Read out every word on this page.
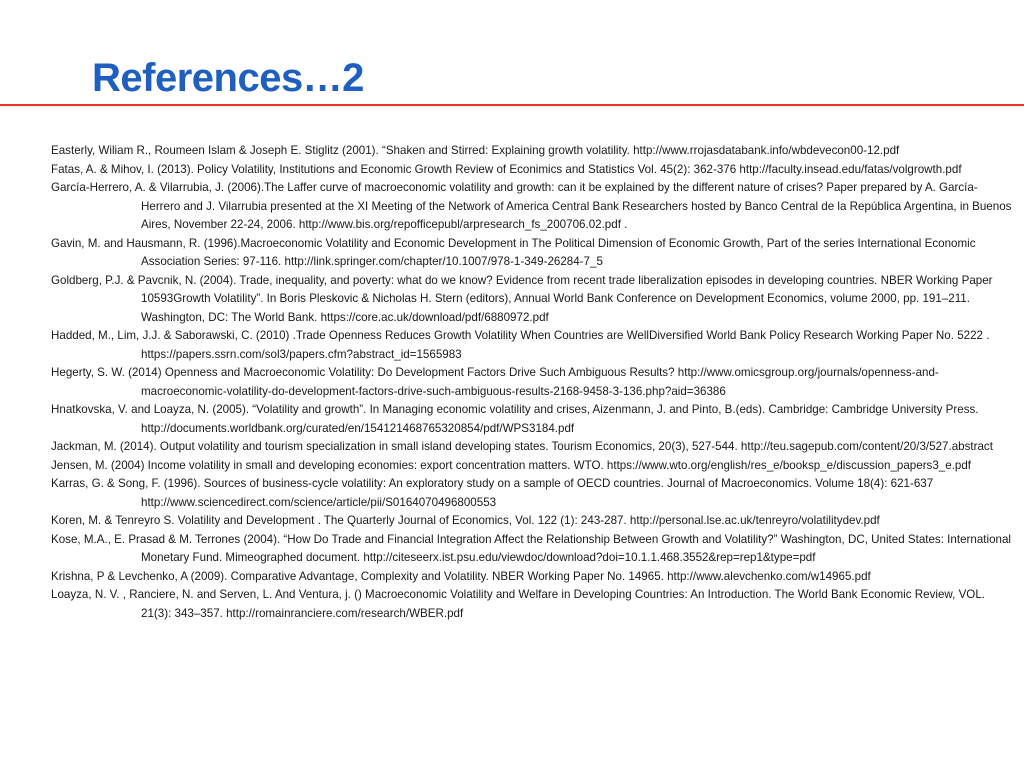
References…2
Easterly, Wiliam R., Roumeen Islam & Joseph E. Stiglitz (2001). “Shaken and Stirred: Explaining growth volatility. http://www.rrojasdatabank.info/wbdevecon00-12.pdf
Fatas, A. & Mihov, I. (2013). Policy Volatility, Institutions and Economic Growth Review of Econimics and Statistics Vol. 45(2): 362-376 http://faculty.insead.edu/fatas/volgrowth.pdf
García-Herrero, A. & Vilarrubia, J. (2006).The Laffer curve of macroeconomic volatility and growth: can it be explained by the different nature of crises? Paper prepared by A. García-Herrero and J. Vilarrubia presented at the XI Meeting of the Network of America Central Bank Researchers hosted by Banco Central de la República Argentina, in Buenos Aires, November 22-24, 2006. http://www.bis.org/repofficepubl/arpresearch_fs_200706.02.pdf .
Gavin, M. and Hausmann, R. (1996).Macroeconomic Volatility and Economic Development in The Political Dimension of Economic Growth, Part of the series International Economic Association Series: 97-116. http://link.springer.com/chapter/10.1007/978-1-349-26284-7_5
Goldberg, P.J. & Pavcnik, N. (2004). Trade, inequality, and poverty: what do we know? Evidence from recent trade liberalization episodes in developing countries. NBER Working Paper 10593Growth Volatility”. In Boris Pleskovic & Nicholas H. Stern (editors), Annual World Bank Conference on Development Economics, volume 2000, pp. 191–211. Washington, DC: The World Bank. https://core.ac.uk/download/pdf/6880972.pdf
Hadded, M., Lim, J.J. & Saborawski, C. (2010) .Trade Openness Reduces Growth Volatility When Countries are WellDiversified World Bank Policy Research Working Paper No. 5222 . https://papers.ssrn.com/sol3/papers.cfm?abstract_id=1565983
Hegerty, S. W. (2014) Openness and Macroeconomic Volatility: Do Development Factors Drive Such Ambiguous Results? http://www.omicsgroup.org/journals/openness-and-macroeconomic-volatility-do-development-factors-drive-such-ambiguous-results-2168-9458-3-136.php?aid=36386
Hnatkovska, V. and Loayza, N. (2005). “Volatility and growth”. In Managing economic volatility and crises, Aizenmann, J. and Pinto, B.(eds). Cambridge: Cambridge University Press. http://documents.worldbank.org/curated/en/154121468765320854/pdf/WPS3184.pdf
Jackman, M. (2014). Output volatility and tourism specialization in small island developing states. Tourism Economics, 20(3), 527-544. http://teu.sagepub.com/content/20/3/527.abstract
Jensen, M. (2004) Income volatility in small and developing economies: export concentration matters. WTO. https://www.wto.org/english/res_e/booksp_e/discussion_papers3_e.pdf
Karras, G. & Song, F. (1996). Sources of business-cycle volatility: An exploratory study on a sample of OECD countries. Journal of Macroeconomics. Volume 18(4): 621-637 http://www.sciencedirect.com/science/article/pii/S0164070496800553
Koren, M. & Tenreyro S. Volatility and Development . The Quarterly Journal of Economics, Vol. 122 (1): 243-287. http://personal.lse.ac.uk/tenreyro/volatilitydev.pdf
Kose, M.A., E. Prasad & M. Terrones (2004). “How Do Trade and Financial Integration Affect the Relationship Between Growth and Volatility?” Washington, DC, United States: International Monetary Fund. Mimeographed document. http://citeseerx.ist.psu.edu/viewdoc/download?doi=10.1.1.468.3552&rep=rep1&type=pdf
Krishna, P & Levchenko, A (2009). Comparative Advantage, Complexity and Volatility. NBER Working Paper No. 14965. http://www.alevchenko.com/w14965.pdf
Loayza, N. V. , Ranciere, N. and Serven, L. And Ventura, j. () Macroeconomic Volatility and Welfare in Developing Countries: An Introduction. The World Bank Economic Review, VOL. 21(3): 343–357. http://romainranciere.com/research/WBER.pdf
